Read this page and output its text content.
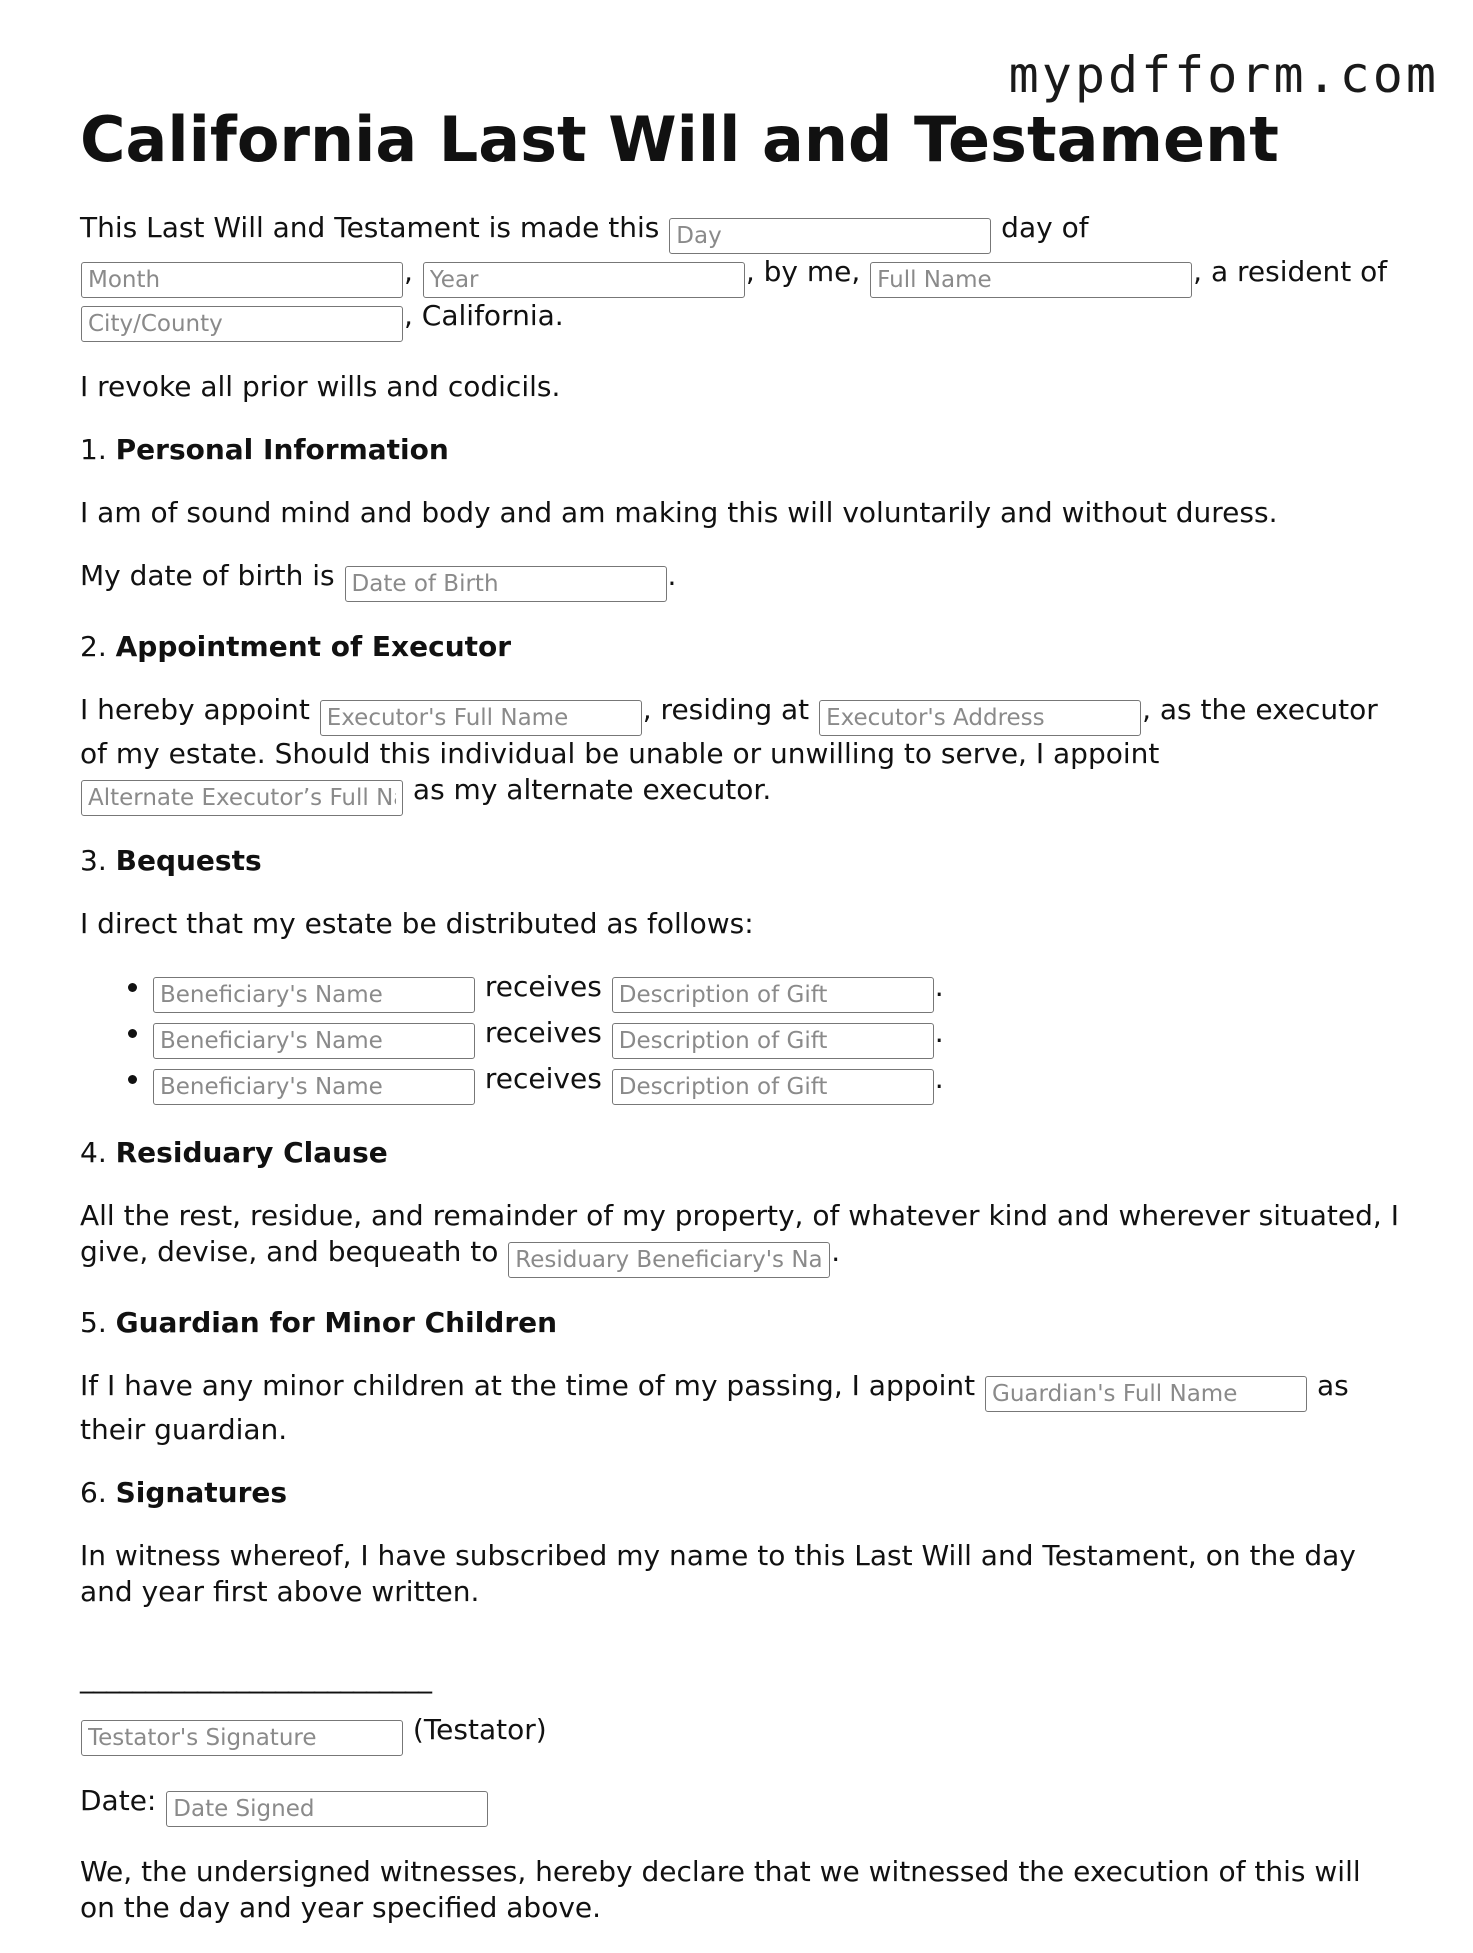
mypdfform.com
California Last Will and Testament

This Last Will and Testament is made this Day	day of Month, Year	, by me, Full Name	, a resident of City/County, California.

I revoke all prior wills and codicils.

1. Personal Information

I am of sound mind and body and am making this will voluntarily and without duress.

My date of birth is Date of Birth	.

2. Appointment of Executor

I hereby appoint Executor's Full Name	, residing at Executor's Address	, as the executor of my estate. Should this individual be unable or unwilling to serve, I appoint Alternate Executor’s Full Name as my alternate executor.

3. Bequests

I direct that my estate be distributed as follows:

Beneficiary's Name • receives Description of Gift	.
Beneficiary's Name • receives Description of Gift	.
Beneficiary's Name • receives Description of Gift	.
4. Residuary Clause

All the rest, residue, and remainder of my property, of whatever kind and wherever situated, I give, devise, and bequeath to Residuary Beneficiary's Name	.

5. Guardian for Minor Children

If I have any minor children at the time of my passing, I appoint Guardian's Full Name	as their guardian.

6. Signatures

In witness whereof, I have subscribed my name to this Last Will and Testament, on the day and year first above written.

___________________________

Testator's Signature (Testator)

Date: Date Signed

We, the undersigned witnesses, hereby declare that we witnessed the execution of this will on the day and year specified above.
